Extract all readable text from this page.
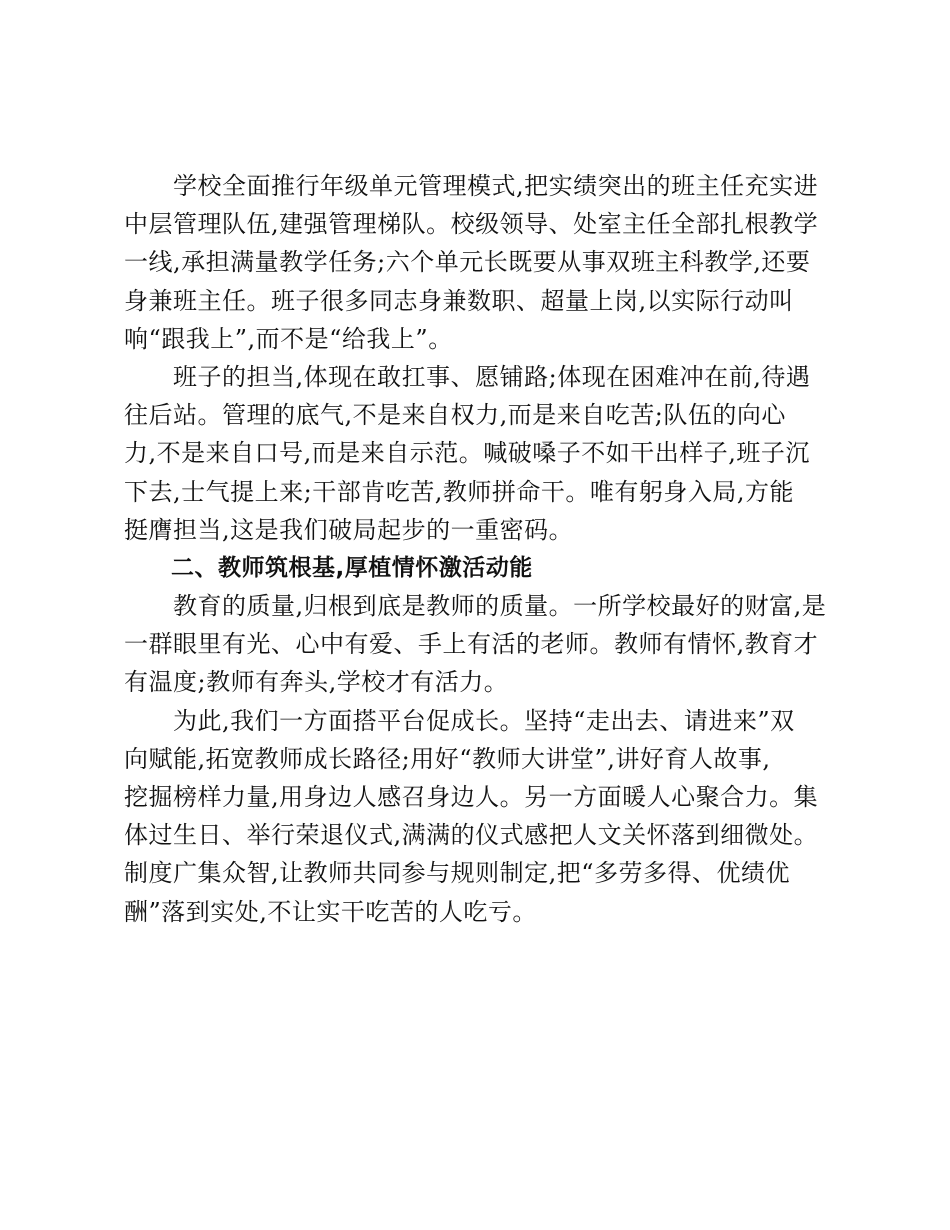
　　学校全面推行年级单元管理模式,把实绩突出的班主任充实进
中层管理队伍,建强管理梯队。校级领导、处室主任全部扎根教学
一线,承担满量教学任务;六个单元长既要从事双班主科教学,还要
身兼班主任。班子很多同志身兼数职、超量上岗,以实际行动叫
响“跟我上”,而不是“给我上”。
　　班子的担当,体现在敢扛事、愿铺路;体现在困难冲在前,待遇
往后站。管理的底气,不是来自权力,而是来自吃苦;队伍的向心
力,不是来自口号,而是来自示范。喊破嗓子不如干出样子,班子沉
下去,士气提上来;干部肯吃苦,教师拼命干。唯有躬身入局,方能
挺膺担当,这是我们破局起步的一重密码。
　　二、教师筑根基,厚植情怀激活动能
　　教育的质量,归根到底是教师的质量。一所学校最好的财富,是
一群眼里有光、心中有爱、手上有活的老师。教师有情怀,教育才
有温度;教师有奔头,学校才有活力。
　　为此,我们一方面搭平台促成长。坚持“走出去、请进来”双
向赋能,拓宽教师成长路径;用好“教师大讲堂”,讲好育人故事,
挖掘榜样力量,用身边人感召身边人。另一方面暖人心聚合力。集
体过生日、举行荣退仪式,满满的仪式感把人文关怀落到细微处。
制度广集众智,让教师共同参与规则制定,把“多劳多得、优绩优
酬”落到实处,不让实干吃苦的人吃亏。
